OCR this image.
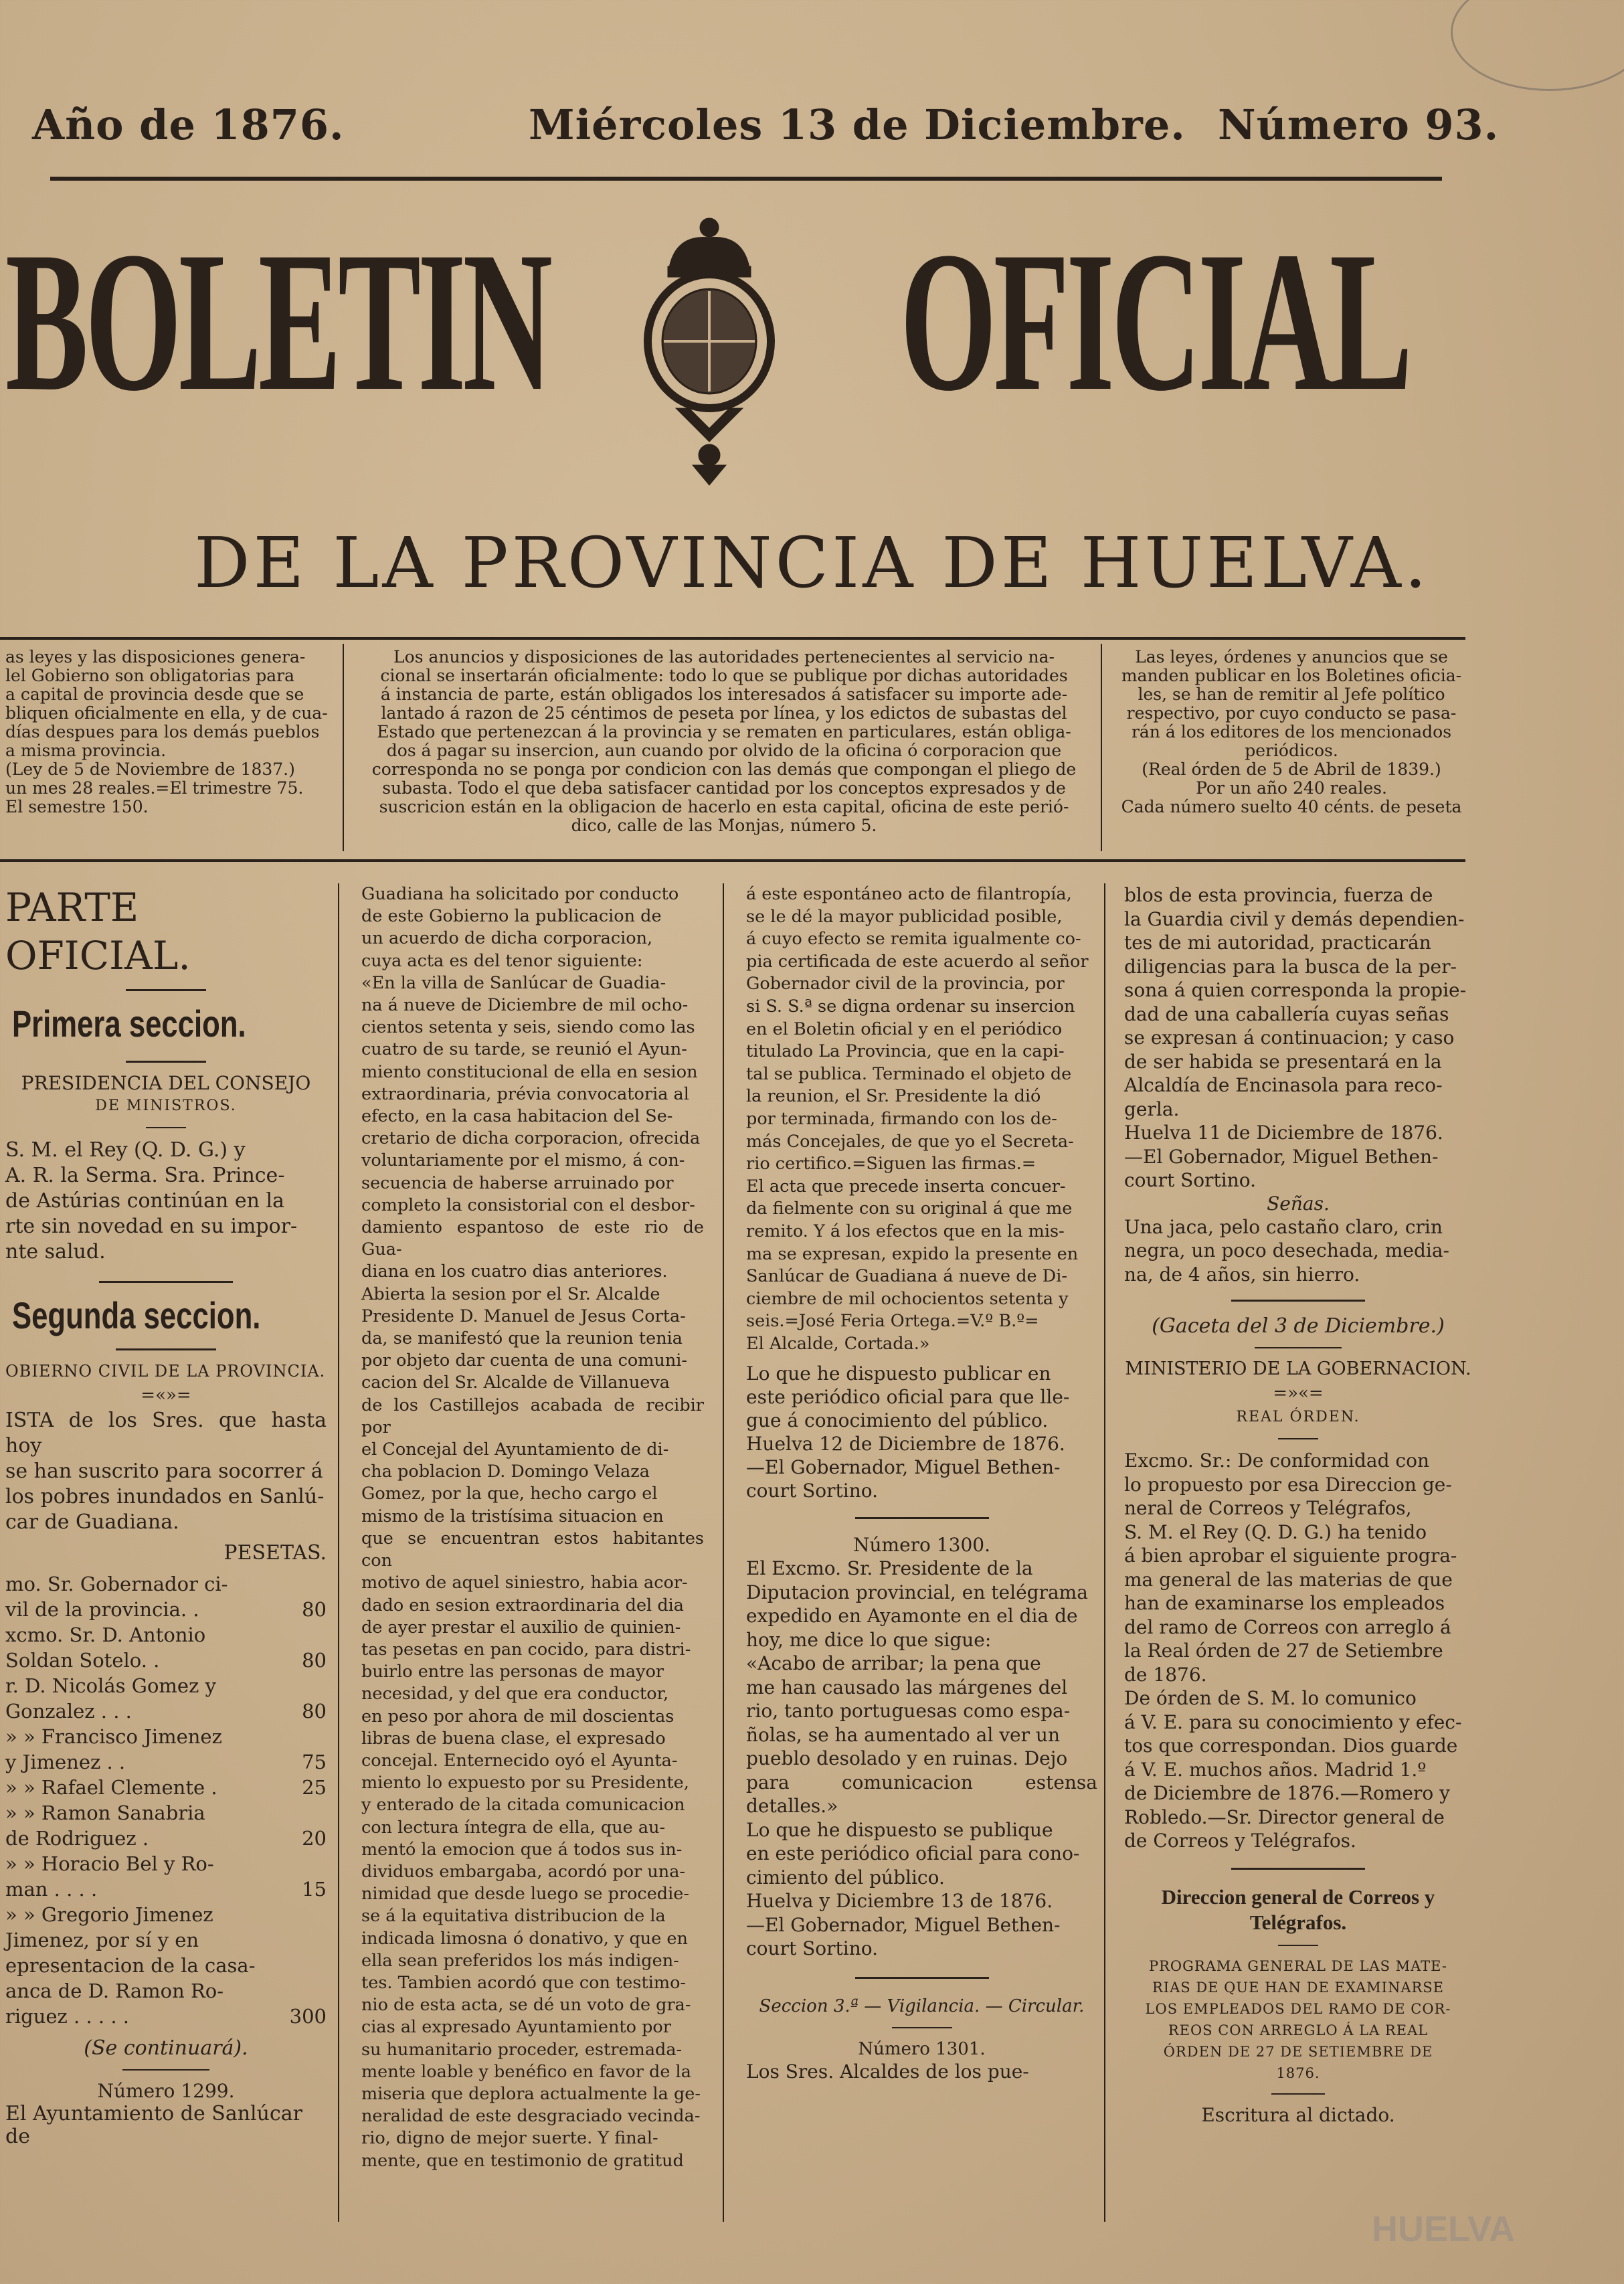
Año de 1876.	Miércoles 13 de Diciembre. Número 93.
BOLETIN OFICIAL
DE LA PROVINCIA DE HUELVA.

as leyes y las disposiciones genera-
lel Gobierno son obligatorias para
a capital de provincia desde que se
bliquen oficialmente en ella, y de cua-
días despues para los demás pueblos
a misma provincia.
(Ley de 5 de Noviembre de 1837.)
un mes 28 reales.=El trimestre 75.
El semestre 150.

Los anuncios y disposiciones de las autoridades pertenecientes al servicio na-
cional se insertarán oficialmente: todo lo que se publique por dichas autoridades
á instancia de parte, están obligados los interesados á satisfacer su importe ade-
lantado á razon de 25 céntimos de peseta por línea, y los edictos de subastas del
Estado que pertenezcan á la provincia y se rematen en particulares, están obliga-
dos á pagar su insercion, aun cuando por olvido de la oficina ó corporacion que
corresponda no se ponga por condicion con las demás que compongan el pliego de
subasta. Todo el que deba satisfacer cantidad por los conceptos expresados y de
suscricion están en la obligacion de hacerlo en esta capital, oficina de este perió-
dico, calle de las Monjas, número 5.

Las leyes, órdenes y anuncios que se
manden publicar en los Boletines oficia-
les, se han de remitir al Jefe político
respectivo, por cuyo conducto se pasa-
rán á los editores de los mencionados
periódicos.
(Real órden de 5 de Abril de 1839.)
Por un año 240 reales.
Cada número suelto 40 cénts. de peseta

PARTE OFICIAL.
Primera seccion.

PRESIDENCIA DEL CONSEJO

DE MINISTROS.

S. M. el Rey (Q. D. G.) y
A. R. la Serma. Sra. Prince-
de Astúrias continúan en la
rte sin novedad en su impor-
nte salud.

Segunda seccion.

OBIERNO CIVIL DE LA PROVINCIA.

=«»=

ISTA de los Sres. que hasta hoy
se han suscrito para socorrer á
los pobres inundados en Sanlú-
car de Guadiana.

PESETAS.

mo. Sr. Gobernador ci-
vil de la provincia. .	80
xcmo. Sr. D. Antonio
Soldan Sotelo. .	80
r. D. Nicolás Gomez y
Gonzalez . . .	80
» » Francisco Jimenez
y Jimenez . .	75
» » Rafael Clemente .	25
» » Ramon Sanabria
de Rodriguez .	20
» » Horacio Bel y Ro-
man . . . .	15
» » Gregorio Jimenez
Jimenez, por sí y en
epresentacion de la casa-
anca de D. Ramon Ro-
riguez . . . . .	300

(Se continuará).

Número 1299.

El Ayuntamiento de Sanlúcar de

Guadiana ha solicitado por conducto
de este Gobierno la publicacion de
un acuerdo de dicha corporacion,
cuya acta es del tenor siguiente:
«En la villa de Sanlúcar de Guadia-
na á nueve de Diciembre de mil ocho-
cientos setenta y seis, siendo como las
cuatro de su tarde, se reunió el Ayun-
miento constitucional de ella en sesion
extraordinaria, prévia convocatoria al
efecto, en la casa habitacion del Se-
cretario de dicha corporacion, ofrecida
voluntariamente por el mismo, á con-
secuencia de haberse arruinado por
completo la consistorial con el desbor-
damiento espantoso de este rio de Gua-
diana en los cuatro dias anteriores.
Abierta la sesion por el Sr. Alcalde
Presidente D. Manuel de Jesus Corta-
da, se manifestó que la reunion tenia
por objeto dar cuenta de una comuni-
cacion del Sr. Alcalde de Villanueva
de los Castillejos acabada de recibir por
el Concejal del Ayuntamiento de di-
cha poblacion D. Domingo Velaza
Gomez, por la que, hecho cargo el
mismo de la tristísima situacion en
que se encuentran estos habitantes con
motivo de aquel siniestro, habia acor-
dado en sesion extraordinaria del dia
de ayer prestar el auxilio de quinien-
tas pesetas en pan cocido, para distri-
buirlo entre las personas de mayor
necesidad, y del que era conductor,
en peso por ahora de mil doscientas
libras de buena clase, el expresado
concejal. Enternecido oyó el Ayunta-
miento lo expuesto por su Presidente,
y enterado de la citada comunicacion
con lectura íntegra de ella, que au-
mentó la emocion que á todos sus in-
dividuos embargaba, acordó por una-
nimidad que desde luego se procedie-
se á la equitativa distribucion de la
indicada limosna ó donativo, y que en
ella sean preferidos los más indigen-
tes. Tambien acordó que con testimo-
nio de esta acta, se dé un voto de gra-
cias al expresado Ayuntamiento por
su humanitario proceder, estremada-
mente loable y benéfico en favor de la
miseria que deplora actualmente la ge-
neralidad de este desgraciado vecinda-
rio, digno de mejor suerte. Y final-
mente, que en testimonio de gratitud

á este espontáneo acto de filantropía,
se le dé la mayor publicidad posible,
á cuyo efecto se remita igualmente co-
pia certificada de este acuerdo al señor
Gobernador civil de la provincia, por
si S. S.ª se digna ordenar su insercion
en el Boletin oficial y en el periódico
titulado La Provincia, que en la capi-
tal se publica. Terminado el objeto de
la reunion, el Sr. Presidente la dió
por terminada, firmando con los de-
más Concejales, de que yo el Secreta-
rio certifico.=Siguen las firmas.=
El acta que precede inserta concuer-
da fielmente con su original á que me
remito. Y á los efectos que en la mis-
ma se expresan, expido la presente en
Sanlúcar de Guadiana á nueve de Di-
ciembre de mil ochocientos setenta y
seis.=José Feria Ortega.=V.º B.º=
El Alcalde, Cortada.»

Lo que he dispuesto publicar en
este periódico oficial para que lle-
gue á conocimiento del público.
Huelva 12 de Diciembre de 1876.
—El Gobernador, Miguel Bethen-
court Sortino.

Número 1300.

El Excmo. Sr. Presidente de la
Diputacion provincial, en telégrama
expedido en Ayamonte en el dia de
hoy, me dice lo que sigue:
«Acabo de arribar; la pena que
me han causado las márgenes del
rio, tanto portuguesas como espa-
ñolas, se ha aumentado al ver un
pueblo desolado y en ruinas. Dejo
para comunicacion estensa detalles.»
Lo que he dispuesto se publique
en este periódico oficial para cono-
cimiento del público.
Huelva y Diciembre 13 de 1876.
—El Gobernador, Miguel Bethen-
court Sortino.

Seccion 3.ª — Vigilancia. — Circular.

Número 1301.

Los Sres. Alcaldes de los pue-

blos de esta provincia, fuerza de
la Guardia civil y demás dependien-
tes de mi autoridad, practicarán
diligencias para la busca de la per-
sona á quien corresponda la propie-
dad de una caballería cuyas señas
se expresan á continuacion; y caso
de ser habida se presentará en la
Alcaldía de Encinasola para reco-
gerla.
Huelva 11 de Diciembre de 1876.
—El Gobernador, Miguel Bethen-
court Sortino.

Señas.

Una jaca, pelo castaño claro, crin
negra, un poco desechada, media-
na, de 4 años, sin hierro.

(Gaceta del 3 de Diciembre.)

MINISTERIO DE LA GOBERNACION.

=»«=

REAL ÓRDEN.

Excmo. Sr.: De conformidad con
lo propuesto por esa Direccion ge-
neral de Correos y Telégrafos,
S. M. el Rey (Q. D. G.) ha tenido
á bien aprobar el siguiente progra-
ma general de las materias de que
han de examinarse los empleados
del ramo de Correos con arreglo á
la Real órden de 27 de Setiembre
de 1876.
De órden de S. M. lo comunico
á V. E. para su conocimiento y efec-
tos que correspondan. Dios guarde
á V. E. muchos años. Madrid 1.º
de Diciembre de 1876.—Romero y
Robledo.—Sr. Director general de
de Correos y Telégrafos.

Direccion general de Correos y Telégrafos.

PROGRAMA GENERAL DE LAS MATE-
RIAS DE QUE HAN DE EXAMINARSE
LOS EMPLEADOS DEL RAMO DE COR-
REOS CON ARREGLO Á LA REAL
ÓRDEN DE 27 DE SETIEMBRE DE
1876.

Escritura al dictado.

HUELVA
